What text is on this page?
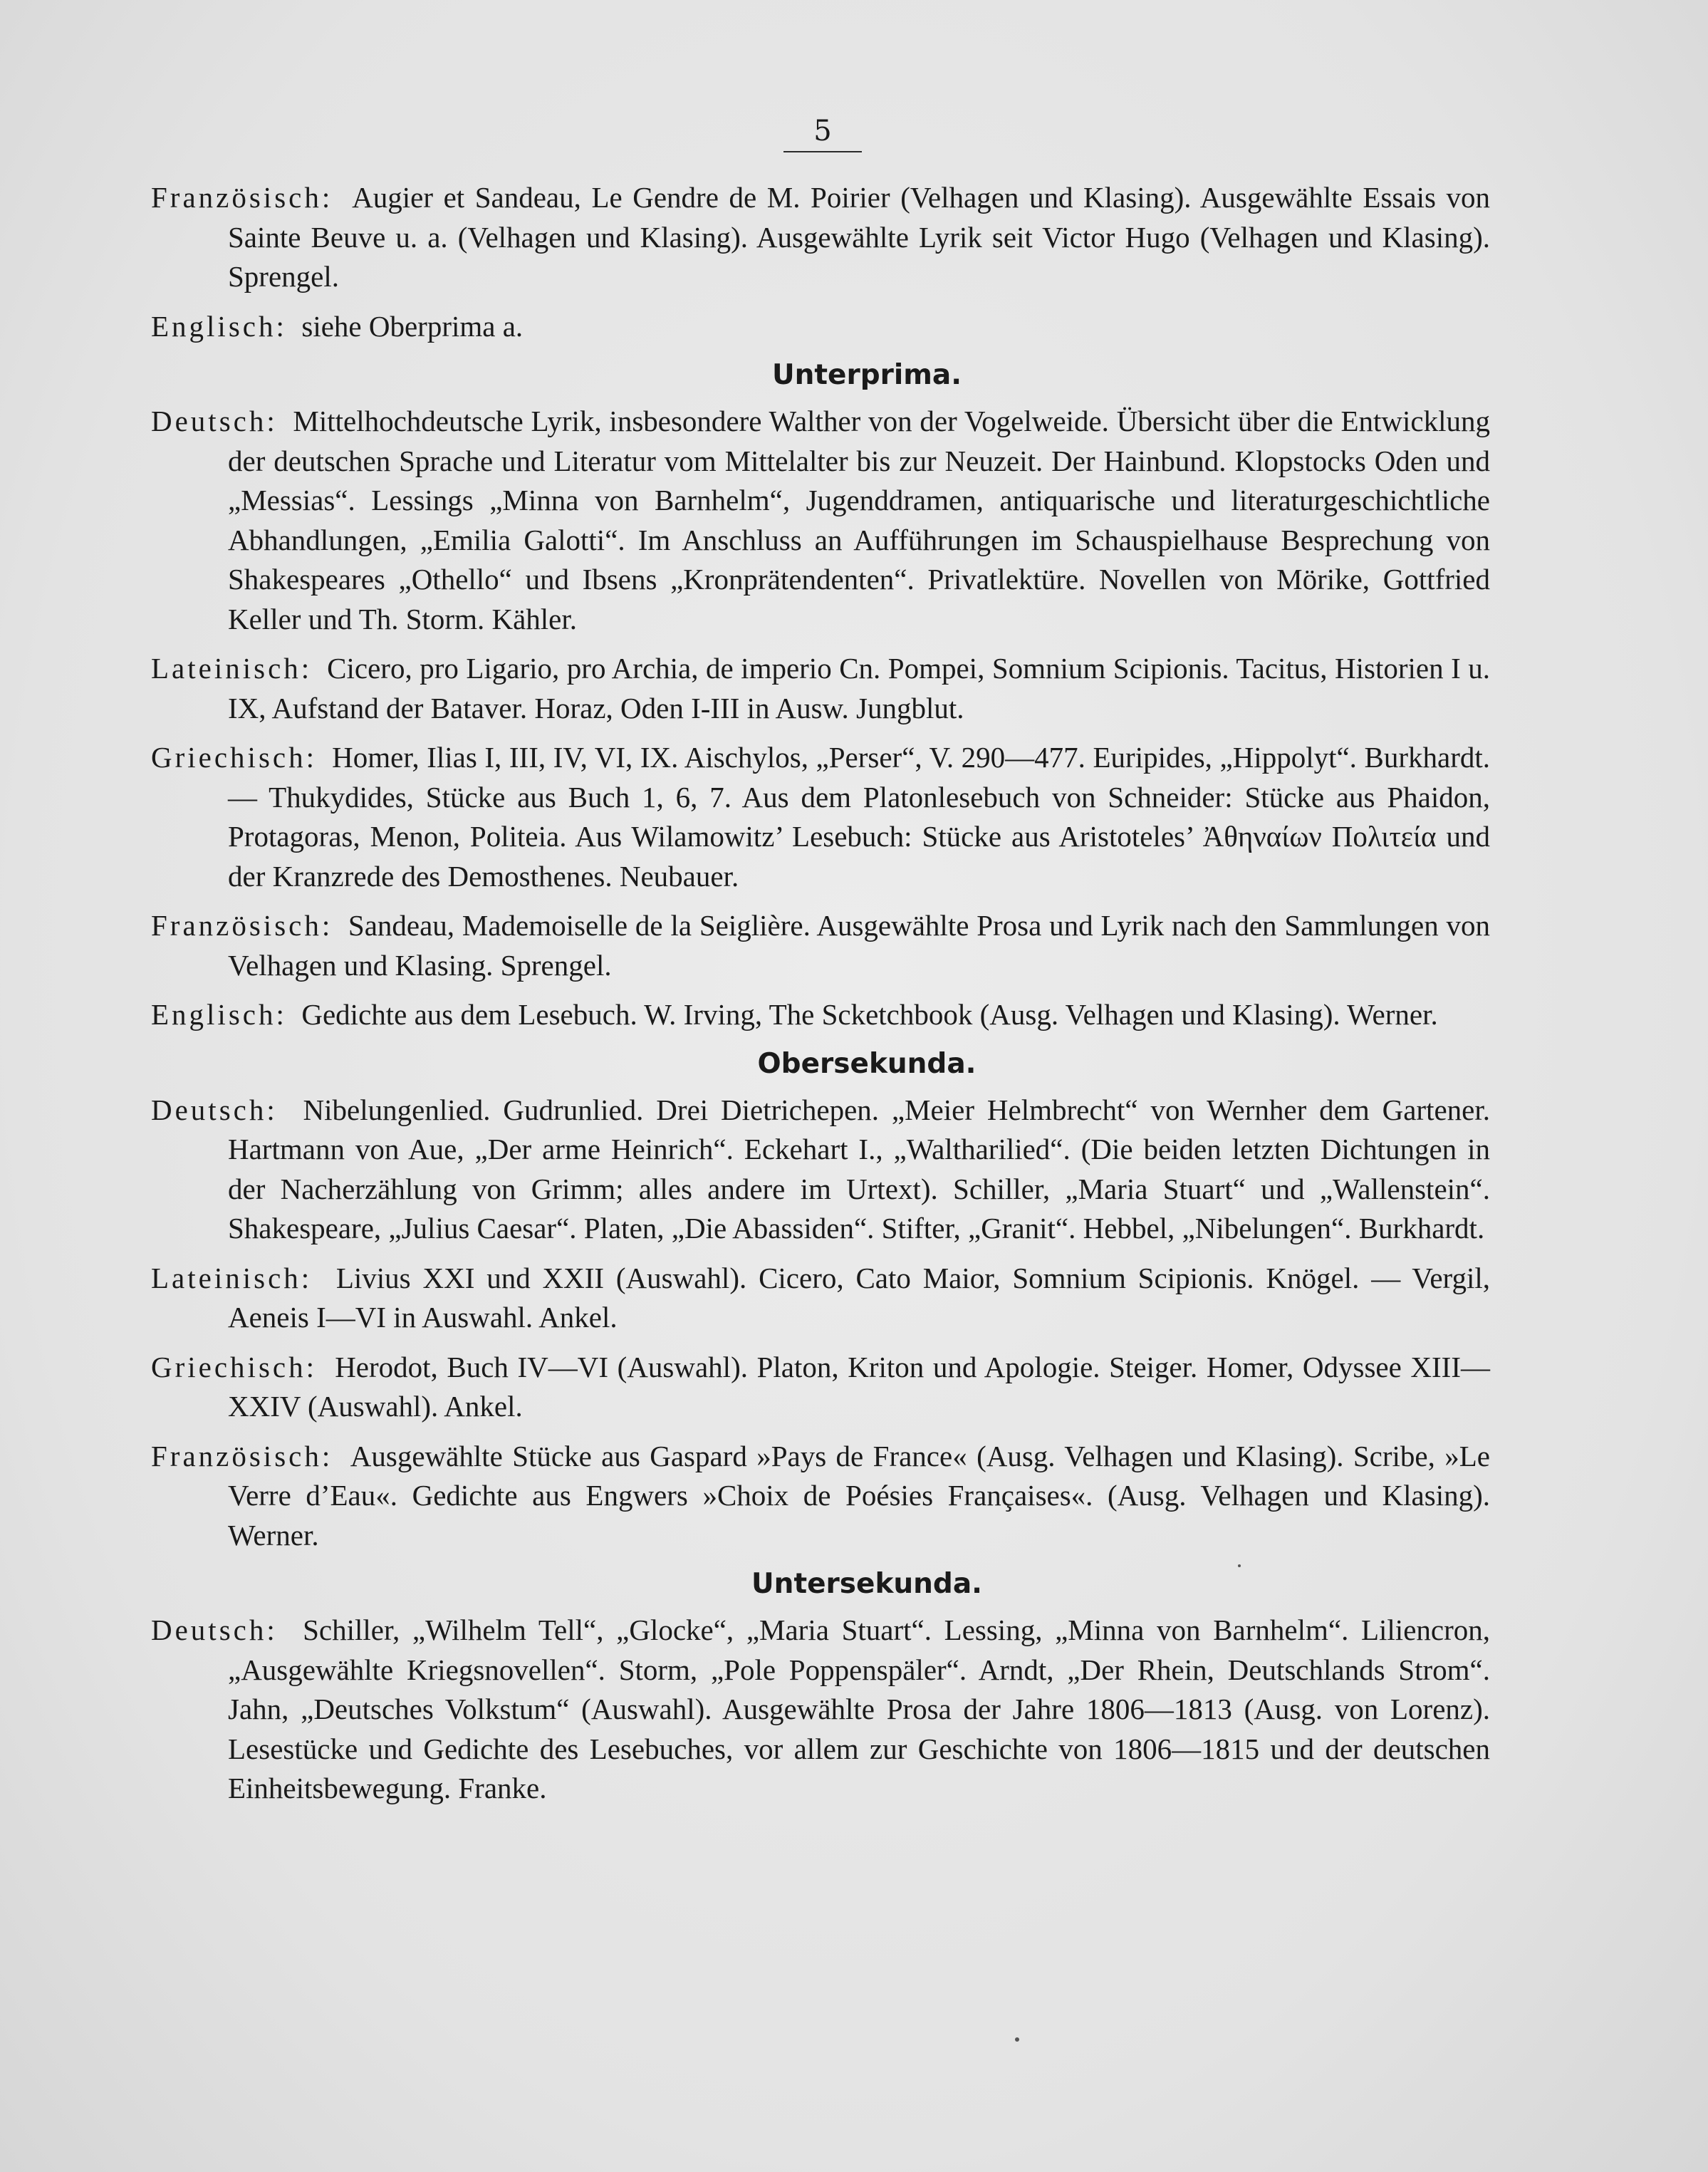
5

Französisch: Augier et Sandeau, Le Gendre de M. Poirier (Velhagen und Klasing). Ausgewählte Essais von Sainte Beuve u. a. (Velhagen und Klasing). Ausgewählte Lyrik seit Victor Hugo (Velhagen und Klasing). Sprengel.

Englisch: siehe Oberprima a.

Unterprima.

Deutsch: Mittelhochdeutsche Lyrik, insbesondere Walther von der Vogelweide. Übersicht über die Entwicklung der deutschen Sprache und Literatur vom Mittelalter bis zur Neuzeit. Der Hainbund. Klopstocks Oden und „Messias“. Lessings „Minna von Barnhelm“, Jugenddramen, antiquarische und literaturgeschichtliche Abhandlungen, „Emilia Galotti“. Im Anschluss an Aufführungen im Schauspielhause Besprechung von Shakespeares „Othello“ und Ibsens „Kronprätendenten“. Privatlektüre. Novellen von Mörike, Gottfried Keller und Th. Storm. Kähler.

Lateinisch: Cicero, pro Ligario, pro Archia, de imperio Cn. Pompei, Somnium Scipionis. Tacitus, Historien I u. IX, Aufstand der Bataver. Horaz, Oden I-III in Ausw. Jungblut.

Griechisch: Homer, Ilias I, III, IV, VI, IX. Aischylos, „Perser“, V. 290—477. Euripides, „Hippolyt“. Burkhardt. — Thukydides, Stücke aus Buch 1, 6, 7. Aus dem Platonlesebuch von Schneider: Stücke aus Phaidon, Protagoras, Menon, Politeia. Aus Wilamowitz’ Lesebuch: Stücke aus Aristoteles’ Ἀθηναίων Πολιτεία und der Kranzrede des Demosthenes. Neubauer.

Französisch: Sandeau, Mademoiselle de la Seiglière. Ausgewählte Prosa und Lyrik nach den Sammlungen von Velhagen und Klasing. Sprengel.

Englisch: Gedichte aus dem Lesebuch. W. Irving, The Scketchbook (Ausg. Velhagen und Klasing). Werner.

Obersekunda.

Deutsch: Nibelungenlied. Gudrunlied. Drei Dietrichepen. „Meier Helmbrecht“ von Wernher dem Gartener. Hartmann von Aue, „Der arme Heinrich“. Eckehart I., „Waltharilied“. (Die beiden letzten Dichtungen in der Nacherzählung von Grimm; alles andere im Urtext). Schiller, „Maria Stuart“ und „Wallenstein“. Shakespeare, „Julius Caesar“. Platen, „Die Abassiden“. Stifter, „Granit“. Hebbel, „Nibelungen“. Burkhardt.

Lateinisch: Livius XXI und XXII (Auswahl). Cicero, Cato Maior, Somnium Scipionis. Knögel. — Vergil, Aeneis I—VI in Auswahl. Ankel.

Griechisch: Herodot, Buch IV—VI (Auswahl). Platon, Kriton und Apologie. Steiger. Homer, Odyssee XIII—XXIV (Auswahl). Ankel.

Französisch: Ausgewählte Stücke aus Gaspard »Pays de France« (Ausg. Velhagen und Klasing). Scribe, »Le Verre d’Eau«. Gedichte aus Engwers »Choix de Poésies Françaises«. (Ausg. Velhagen und Klasing). Werner.

Untersekunda.

Deutsch: Schiller, „Wilhelm Tell“, „Glocke“, „Maria Stuart“. Lessing, „Minna von Barnhelm“. Liliencron, „Ausgewählte Kriegsnovellen“. Storm, „Pole Poppenspäler“. Arndt, „Der Rhein, Deutschlands Strom“. Jahn, „Deutsches Volkstum“ (Auswahl). Ausgewählte Prosa der Jahre 1806—1813 (Ausg. von Lorenz). Lesestücke und Gedichte des Lesebuches, vor allem zur Geschichte von 1806—1815 und der deutschen Einheitsbewegung. Franke.
